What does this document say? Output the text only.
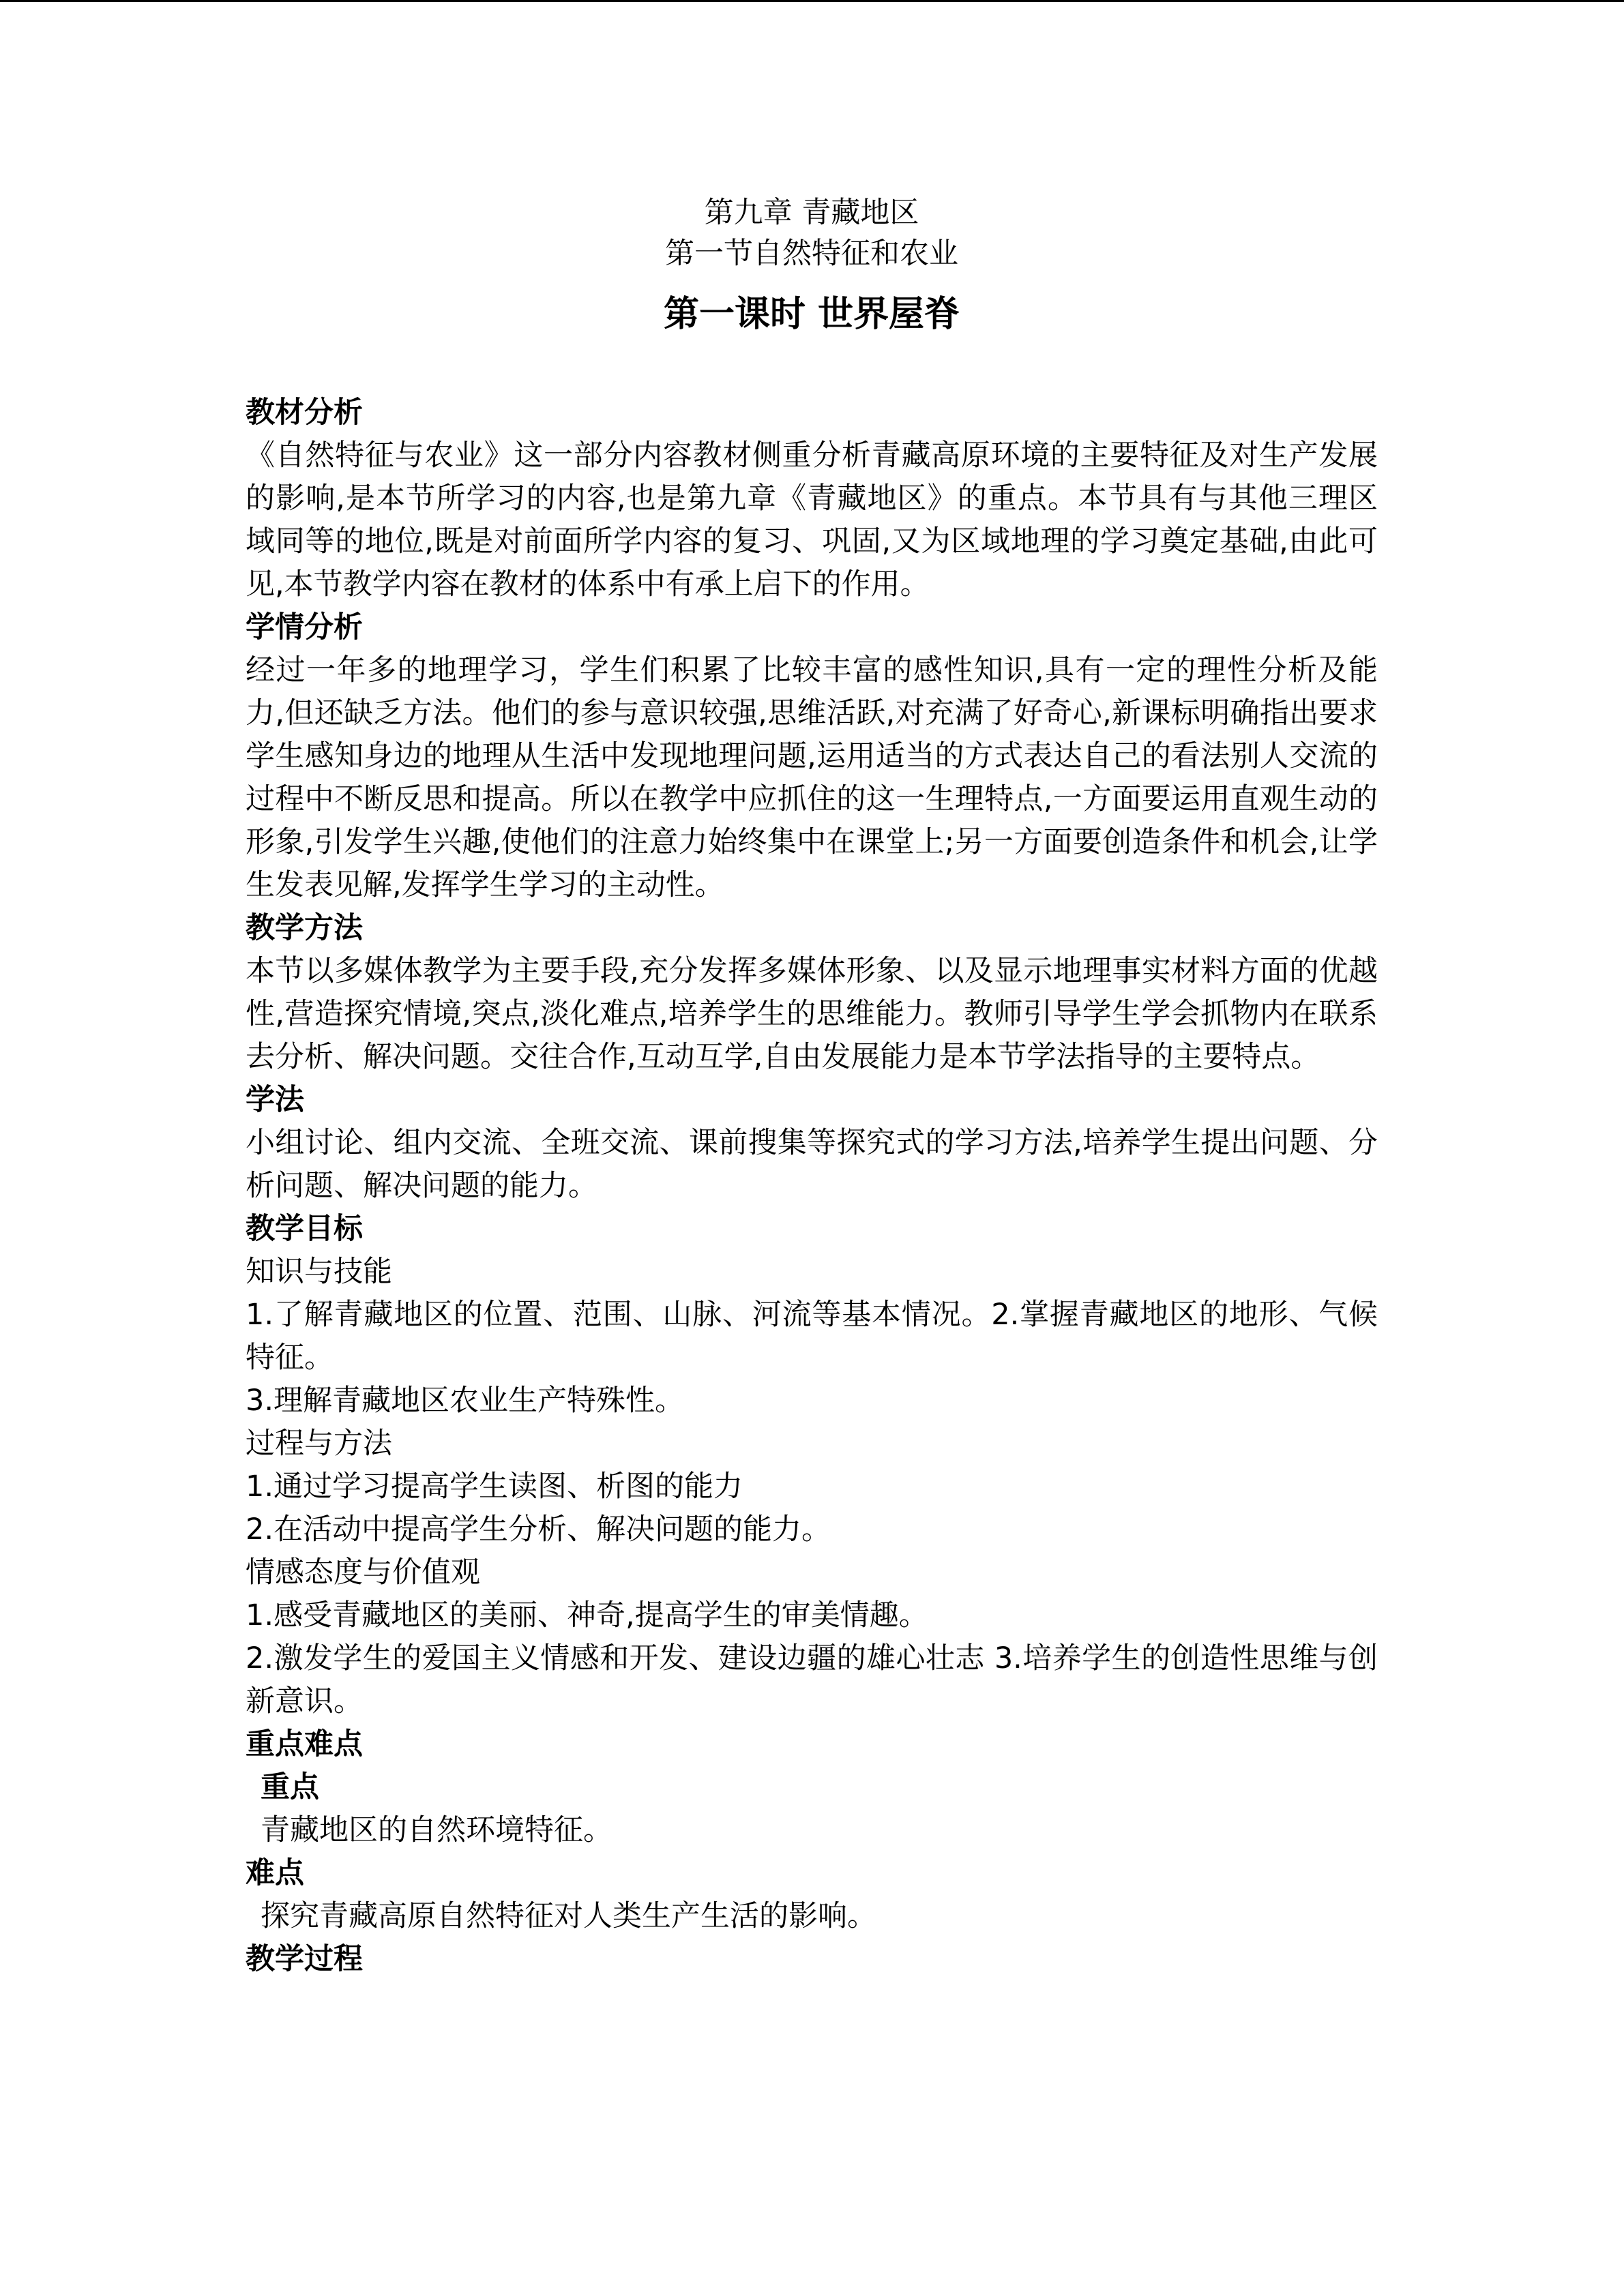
第九章 青藏地区
第一节自然特征和农业
第一课时 世界屋脊
教材分析
《自然特征与农业》这一部分内容教材侧重分析青藏高原环境的主要特征及对生产发展的影响,是本节所学习的内容,也是第九章《青藏地区》的重点。本节具有与其他三理区域同等的地位,既是对前面所学内容的复习、巩固,又为区域地理的学习奠定基础,由此可见,本节教学内容在教材的体系中有承上启下的作用。
学情分析
经过一年多的地理学习，学生们积累了比较丰富的感性知识,具有一定的理性分析及能力,但还缺乏方法。他们的参与意识较强,思维活跃,对充满了好奇心,新课标明确指出要求学生感知身边的地理从生活中发现地理问题,运用适当的方式表达自己的看法别人交流的过程中不断反思和提高。所以在教学中应抓住的这一生理特点,一方面要运用直观生动的形象,引发学生兴趣,使他们的注意力始终集中在课堂上;另一方面要创造条件和机会,让学生发表见解,发挥学生学习的主动性。
教学方法
本节以多媒体教学为主要手段,充分发挥多媒体形象、以及显示地理事实材料方面的优越性,营造探究情境,突点,淡化难点,培养学生的思维能力。教师引导学生学会抓物内在联系去分析、解决问题。交往合作,互动互学,自由发展能力是本节学法指导的主要特点。
学法
小组讨论、组内交流、全班交流、课前搜集等探究式的学习方法,培养学生提出问题、分析问题、解决问题的能力。
教学目标
知识与技能
1.了解青藏地区的位置、范围、山脉、河流等基本情况。2.掌握青藏地区的地形、气候特征。
3.理解青藏地区农业生产特殊性。
过程与方法
1.通过学习提高学生读图、析图的能力
2.在活动中提高学生分析、解决问题的能力。
情感态度与价值观
1.感受青藏地区的美丽、神奇,提高学生的审美情趣。
2.激发学生的爱国主义情感和开发、建设边疆的雄心壮志 3.培养学生的创造性思维与创新意识。
重点难点
重点
青藏地区的自然环境特征。
难点
探究青藏高原自然特征对人类生产生活的影响。
教学过程
